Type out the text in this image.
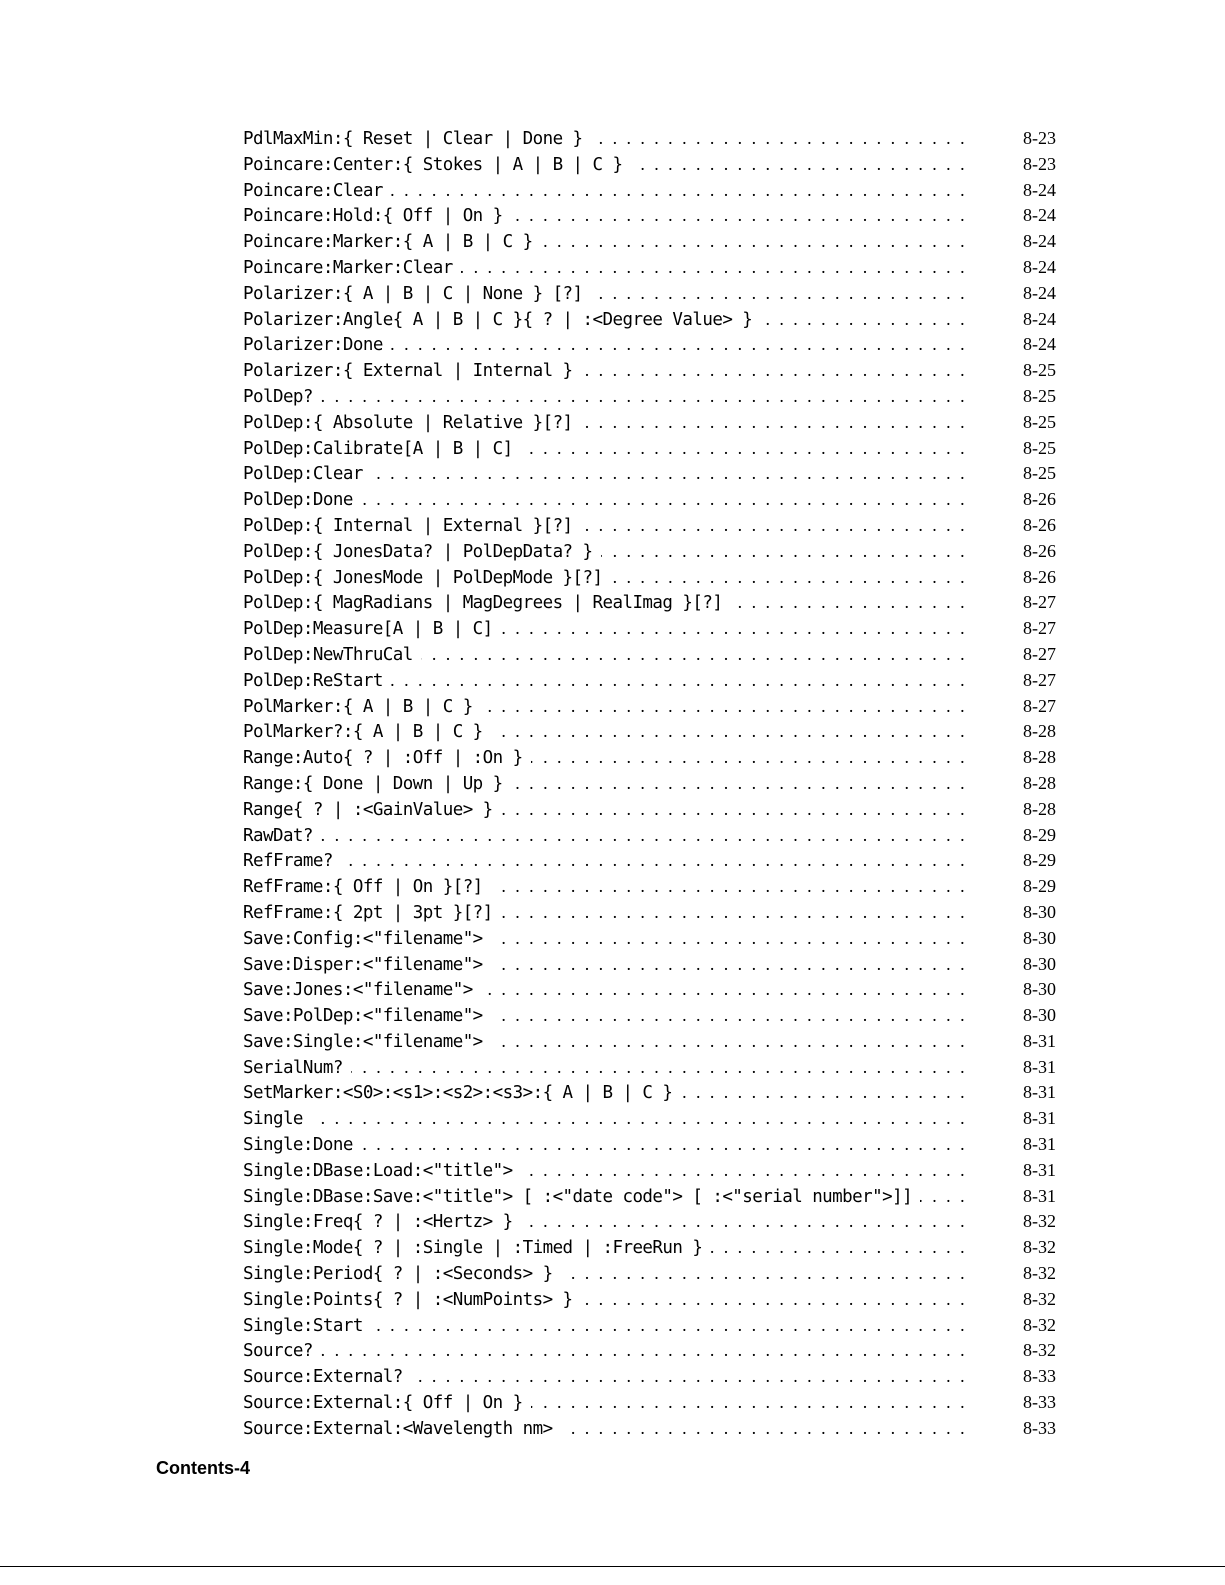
PdlMaxMin:{ Reset | Clear | Done } .....	8-23
Poincare:Center:{ Stokes | A | B | C } .....	8-23
Poincare:Clear .....	8-24
Poincare:Hold:{ Off | On } .....	8-24
Poincare:Marker:{ A | B | C } .....	8-24
Poincare:Marker:Clear .....	8-24
Polarizer:{ A | B | C | None } [?] .....	8-24
Polarizer:Angle{ A | B | C }{ ? | :<Degree Value> } .....	8-24
Polarizer:Done .....	8-24
Polarizer:{ External | Internal } .....	8-25
PolDep? .....	8-25
PolDep:{ Absolute | Relative }[?] .....	8-25
PolDep:Calibrate[A | B | C] .....	8-25
PolDep:Clear .....	8-25
PolDep:Done .....	8-26
PolDep:{ Internal | External }[?] .....	8-26
PolDep:{ JonesData? | PolDepData? } .....	8-26
PolDep:{ JonesMode | PolDepMode }[?] .....	8-26
PolDep:{ MagRadians | MagDegrees | RealImag }[?] .....	8-27
PolDep:Measure[A | B | C] .....	8-27
PolDep:NewThruCal .....	8-27
PolDep:ReStart .....	8-27
PolMarker:{ A | B | C } .....	8-27
PolMarker?:{ A | B | C } .....	8-28
Range:Auto{ ? | :Off | :On } .....	8-28
Range:{ Done | Down | Up } .....	8-28
Range{ ? | :<GainValue> } .....	8-28
RawDat? .....	8-29
RefFrame? .....	8-29
RefFrame:{ Off | On }[?] .....	8-29
RefFrame:{ 2pt | 3pt }[?] .....	8-30
Save:Config:<"filename"> .....	8-30
Save:Disper:<"filename"> .....	8-30
Save:Jones:<"filename"> .....	8-30
Save:PolDep:<"filename"> .....	8-30
Save:Single:<"filename"> .....	8-31
SerialNum? .....	8-31
SetMarker:<S0>:<s1>:<s2>:<s3>:{ A | B | C } .....	8-31
Single .....	8-31
Single:Done .....	8-31
Single:DBase:Load:<"title"> .....	8-31
Single:DBase:Save:<"title"> [ :<"date code"> [ :<"serial number">]] .....	8-31
Single:Freq{ ? | :<Hertz> } .....	8-32
Single:Mode{ ? | :Single | :Timed | :FreeRun } .....	8-32
Single:Period{ ? | :<Seconds> } .....	8-32
Single:Points{ ? | :<NumPoints> } .....	8-32
Single:Start .....	8-32
Source? .....	8-32
Source:External? .....	8-33
Source:External:{ Off | On } .....	8-33
Source:External:<Wavelength nm> .....	8-33

Contents-4
